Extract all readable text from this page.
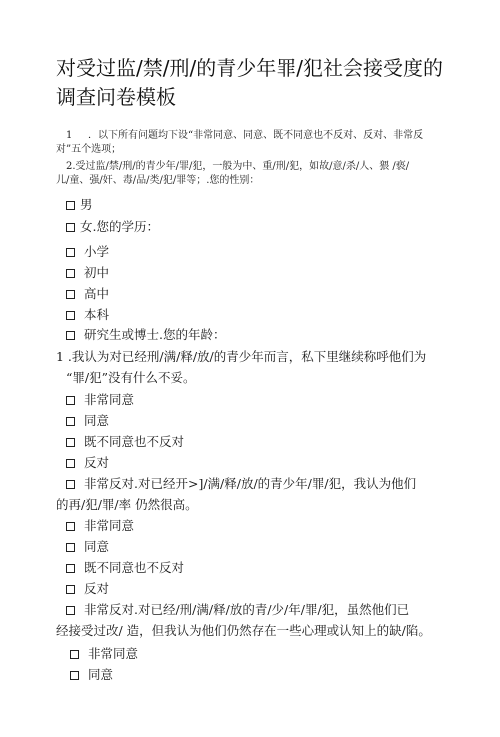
对受过监/禁/刑/的青少年罪/犯社会接受度的
调查问卷模板
1 ．以下所有问题均下设“非常同意、同意、既不同意也不反对、反对、非常反
对”五个选项；
2.受过监/禁/刑/的青少年/罪/犯，一般为中、重/刑/犯，如故/意/杀/人、猥 /亵/
儿/童、强/奸、毒/品/类/犯/罪等；.您的性别：
男
女.您的学历：
小学
初中
高中
本科
研究生或博士.您的年龄：
1 .我认为对已经刑/满/释/放/的青少年而言，私下里继续称呼他们为
“罪/犯”没有什么不妥。
非常同意
同意
既不同意也不反对
反对
非常反对.对已经开>]/满/释/放/的青少年/罪/犯，我认为他们
的再/犯/罪/率 仍然很高。
非常同意
同意
既不同意也不反对
反对
非常反对.对已经/刑/满/释/放的青/少/年/罪/犯，虽然他们已
经接受过改/ 造，但我认为他们仍然存在一些心理或认知上的缺/陷。
非常同意
同意
